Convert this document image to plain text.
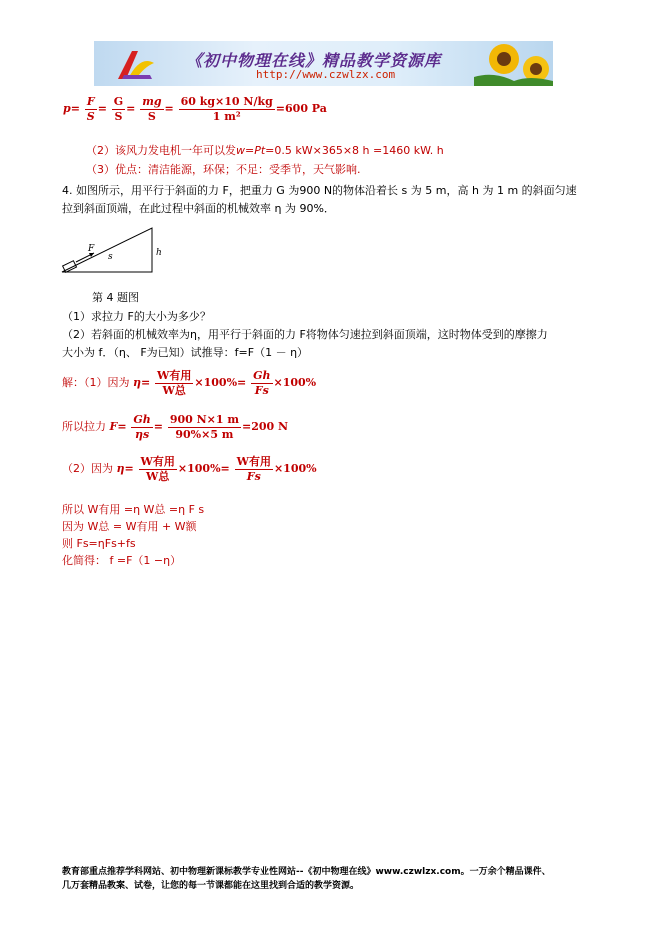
《初中物理在线》精品教学资源库
http://www.czwlzx.com
$p= \frac{F}{S} = \frac{G}{S} = \frac{mg}{S} = \frac{60 kg\times 10 N/kg}{\text{1 m²}} =600$ Pa
（2）该风力发电机一年可以发w=Pt=0.5 kW×365×8 h =1460 kW. h
（3）优点：清洁能源，环保；不足：受季节，天气影响.
4. 如图所示，用平行于斜面的力 F，把重力 G 为900 N的物体沿着长 s 为 5 m，高 h 为 1 m 的斜面匀速
拉到斜面顶端，在此过程中斜面的机械效率 η 为 90%．
F
s	h
第 4 题图
（1）求拉力 F的大小为多少？
（2）若斜面的机械效率为η，用平行于斜面的力 F将物体匀速拉到斜面顶端，这时物体受到的摩擦力
大小为 f．（η、 F为已知）试推导：f=F（1 － η）
解：（1）因为 $\eta= \frac{\text{W有用}}{\text{W总}} \times 100\%= \frac{Gh}{Fs} \times 100\%$
所以拉力 $F= \frac{Gh}{\eta s} = \frac{900 N\times 1 m}{90\%\times 5 m} =200$ N
（2）因为 $\eta= \frac{\text{W有用}}{\text{W总}} \times 100\%= \frac{\text{W有用}}{Fs} \times 100\%$
所以 W有用 =η W总 =η F s
因为 W总 = W有用 + W额
则 Fs=ηFs+fs
化简得： f =F（1 −η）
教育部重点推荐学科网站、初中物理新课标教学专业性网站--《初中物理在线》www.czwlzx.com。一万余个精品课件、
几万套精品教案、试卷，让您的每一节课都能在这里找到合适的教学资源。
